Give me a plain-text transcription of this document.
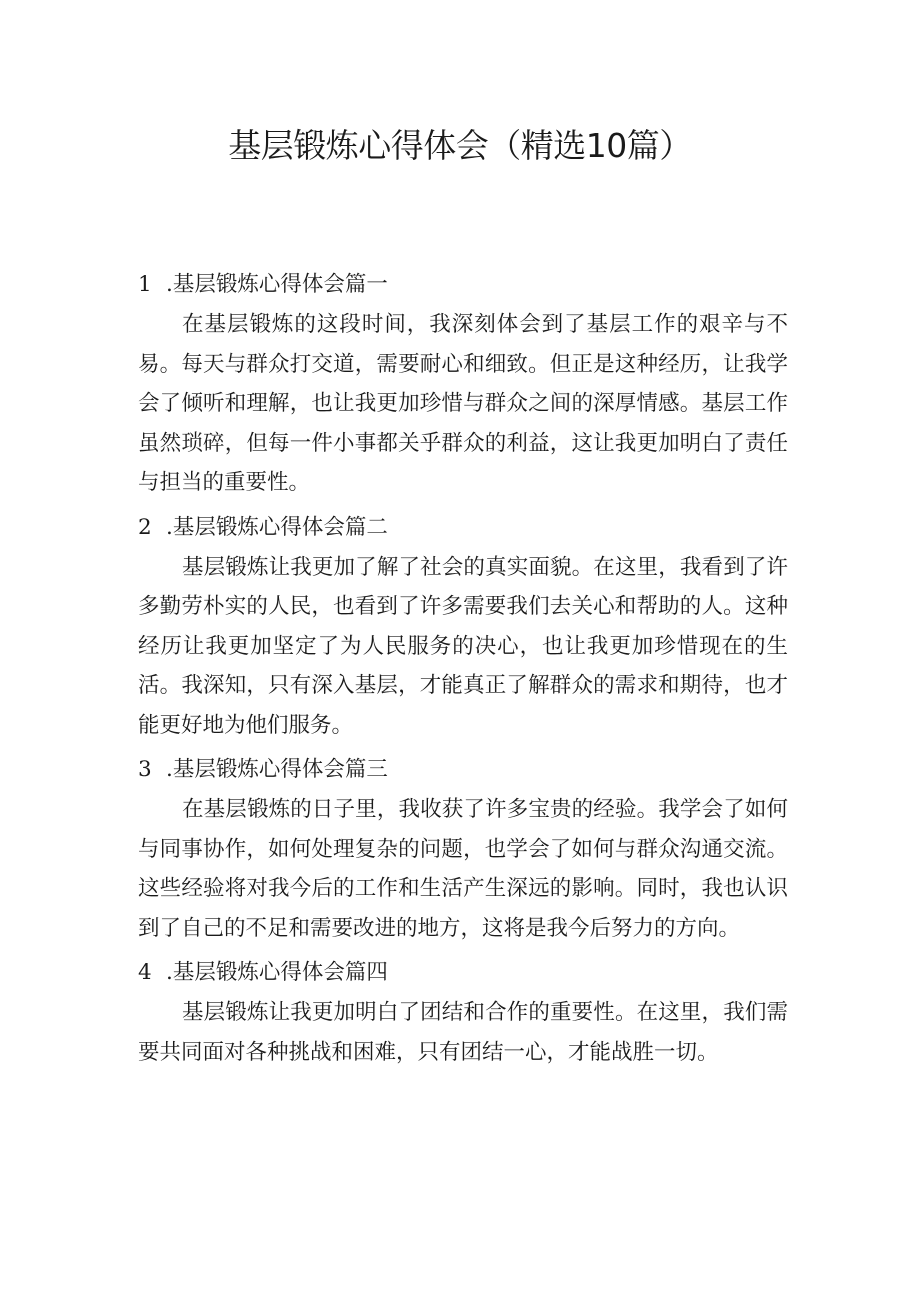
基层锻炼心得体会（精选10篇）

1 .基层锻炼心得体会篇一

在基层锻炼的这段时间，我深刻体会到了基层工作的艰辛与不易。每天与群众打交道，需要耐心和细致。但正是这种经历，让我学会了倾听和理解，也让我更加珍惜与群众之间的深厚情感。基层工作虽然琐碎，但每一件小事都关乎群众的利益，这让我更加明白了责任与担当的重要性。

2 .基层锻炼心得体会篇二

基层锻炼让我更加了解了社会的真实面貌。在这里，我看到了许多勤劳朴实的人民，也看到了许多需要我们去关心和帮助的人。这种经历让我更加坚定了为人民服务的决心，也让我更加珍惜现在的生活。我深知，只有深入基层，才能真正了解群众的需求和期待，也才能更好地为他们服务。

3 .基层锻炼心得体会篇三

在基层锻炼的日子里，我收获了许多宝贵的经验。我学会了如何与同事协作，如何处理复杂的问题，也学会了如何与群众沟通交流。这些经验将对我今后的工作和生活产生深远的影响。同时，我也认识到了自己的不足和需要改进的地方，这将是我今后努力的方向。

4 .基层锻炼心得体会篇四

基层锻炼让我更加明白了团结和合作的重要性。在这里，我们需要共同面对各种挑战和困难，只有团结一心，才能战胜一切。
